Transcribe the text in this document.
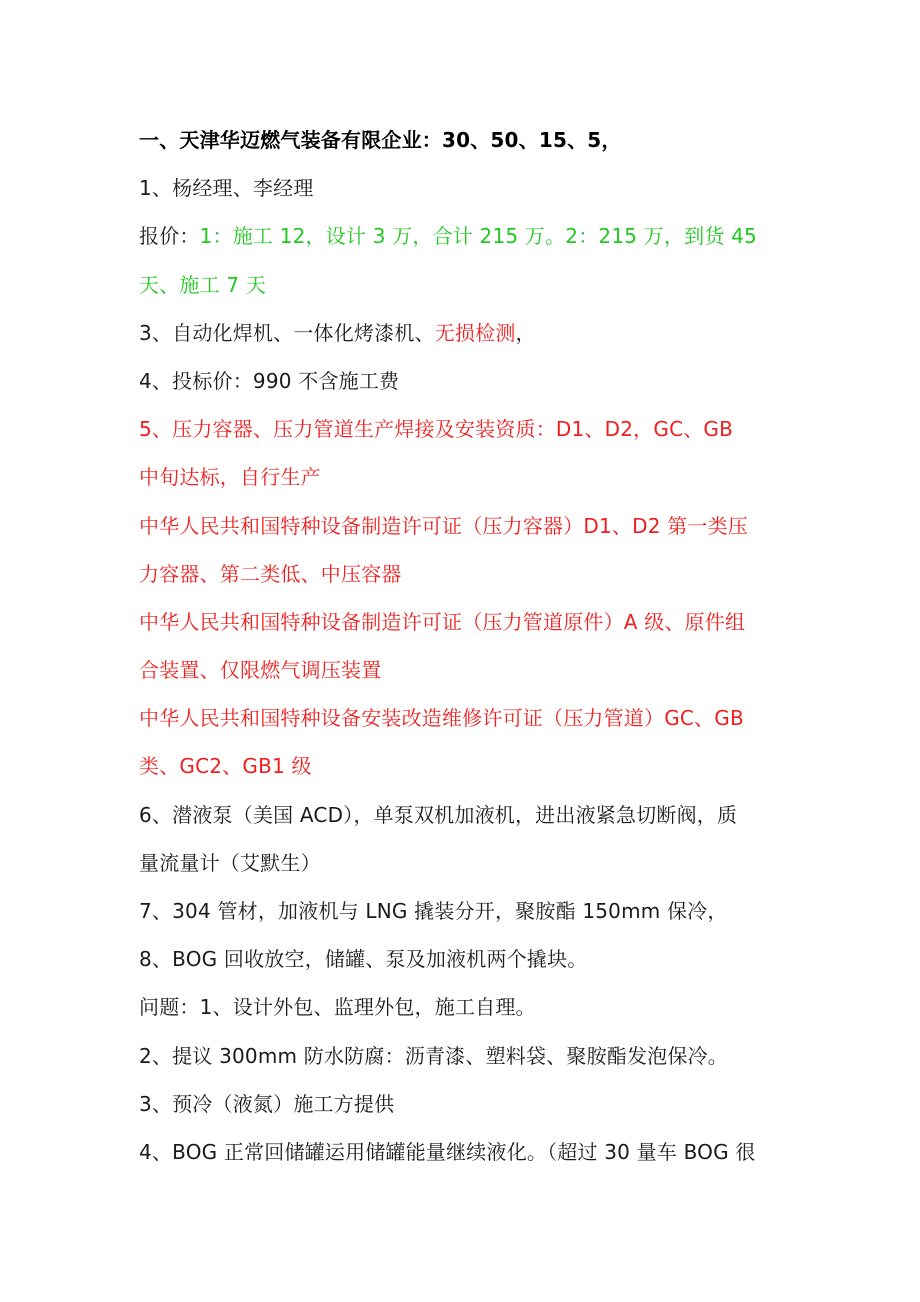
一、天津华迈燃气装备有限企业：30、50、15、5，
1、杨经理、李经理
报价：1：施工 12，设计 3 万，合计 215 万。2：215 万，到货 45
天、施工 7 天
3、自动化焊机、一体化烤漆机、无损检测，
4、投标价：990 不含施工费
5、压力容器、压力管道生产焊接及安装资质：D1、D2，GC、GB
中旬达标，自行生产
中华人民共和国特种设备制造许可证（压力容器）D1、D2 第一类压
力容器、第二类低、中压容器
中华人民共和国特种设备制造许可证（压力管道原件）A 级、原件组
合装置、仅限燃气调压装置
中华人民共和国特种设备安装改造维修许可证（压力管道）GC、GB
类、GC2、GB1 级
6、潜液泵（美国 ACD），单泵双机加液机，进出液紧急切断阀，质
量流量计（艾默生）
7、304 管材，加液机与 LNG 撬装分开，聚胺酯 150mm 保冷，
8、BOG 回收放空，储罐、泵及加液机两个撬块。
问题：1、设计外包、监理外包，施工自理。
2、提议 300mm 防水防腐：沥青漆、塑料袋、聚胺酯发泡保冷。
3、预冷（液氮）施工方提供
4、BOG 正常回储罐运用储罐能量继续液化。（超过 30 量车 BOG 很
